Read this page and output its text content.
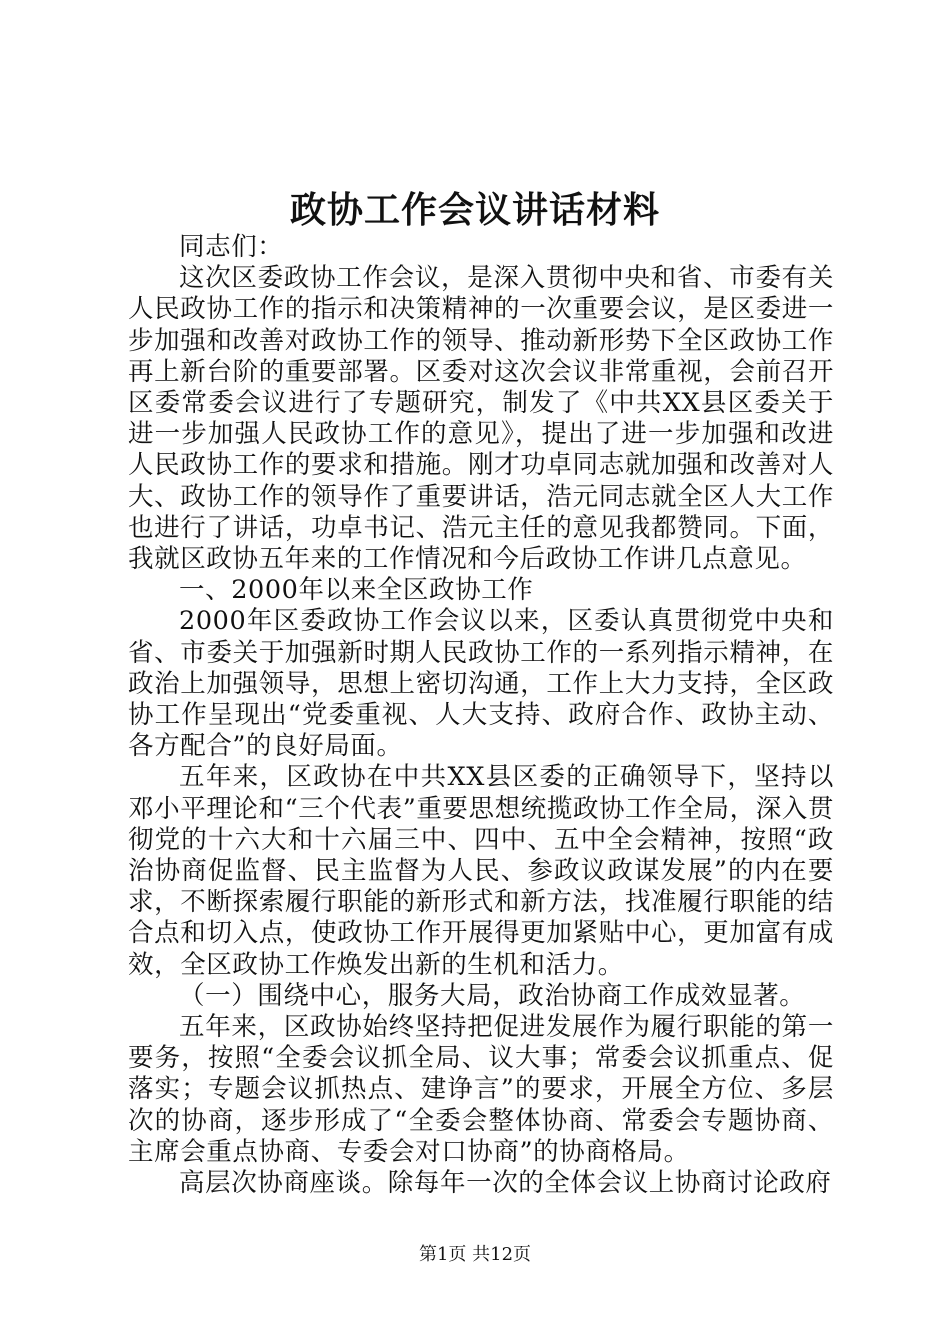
政协工作会议讲话材料

同志们：

这次区委政协工作会议，是深入贯彻中央和省、市委有关人民政协工作的指示和决策精神的一次重要会议，是区委进一步加强和改善对政协工作的领导、推动新形势下全区政协工作再上新台阶的重要部署。区委对这次会议非常重视，会前召开区委常委会议进行了专题研究，制发了《中共XX县区委关于进一步加强人民政协工作的意见》，提出了进一步加强和改进人民政协工作的要求和措施。刚才功卓同志就加强和改善对人大、政协工作的领导作了重要讲话，浩元同志就全区人大工作也进行了讲话，功卓书记、浩元主任的意见我都赞同。下面，我就区政协五年来的工作情况和今后政协工作讲几点意见。

一、2000年以来全区政协工作

2000年区委政协工作会议以来，区委认真贯彻党中央和省、市委关于加强新时期人民政协工作的一系列指示精神，在政治上加强领导，思想上密切沟通，工作上大力支持，全区政协工作呈现出“党委重视、人大支持、政府合作、政协主动、各方配合”的良好局面。

五年来，区政协在中共XX县区委的正确领导下，坚持以邓小平理论和“三个代表”重要思想统揽政协工作全局，深入贯彻党的十六大和十六届三中、四中、五中全会精神，按照“政治协商促监督、民主监督为人民、参政议政谋发展”的内在要求，不断探索履行职能的新形式和新方法，找准履行职能的结合点和切入点，使政协工作开展得更加紧贴中心，更加富有成效，全区政协工作焕发出新的生机和活力。

（一）围绕中心，服务大局，政治协商工作成效显著。

五年来，区政协始终坚持把促进发展作为履行职能的第一要务，按照“全委会议抓全局、议大事；常委会议抓重点、促落实；专题会议抓热点、建诤言”的要求，开展全方位、多层次的协商，逐步形成了“全委会整体协商、常委会专题协商、主席会重点协商、专委会对口协商”的协商格局。

高层次协商座谈。除每年一次的全体会议上协商讨论政府

第1页 共12页
